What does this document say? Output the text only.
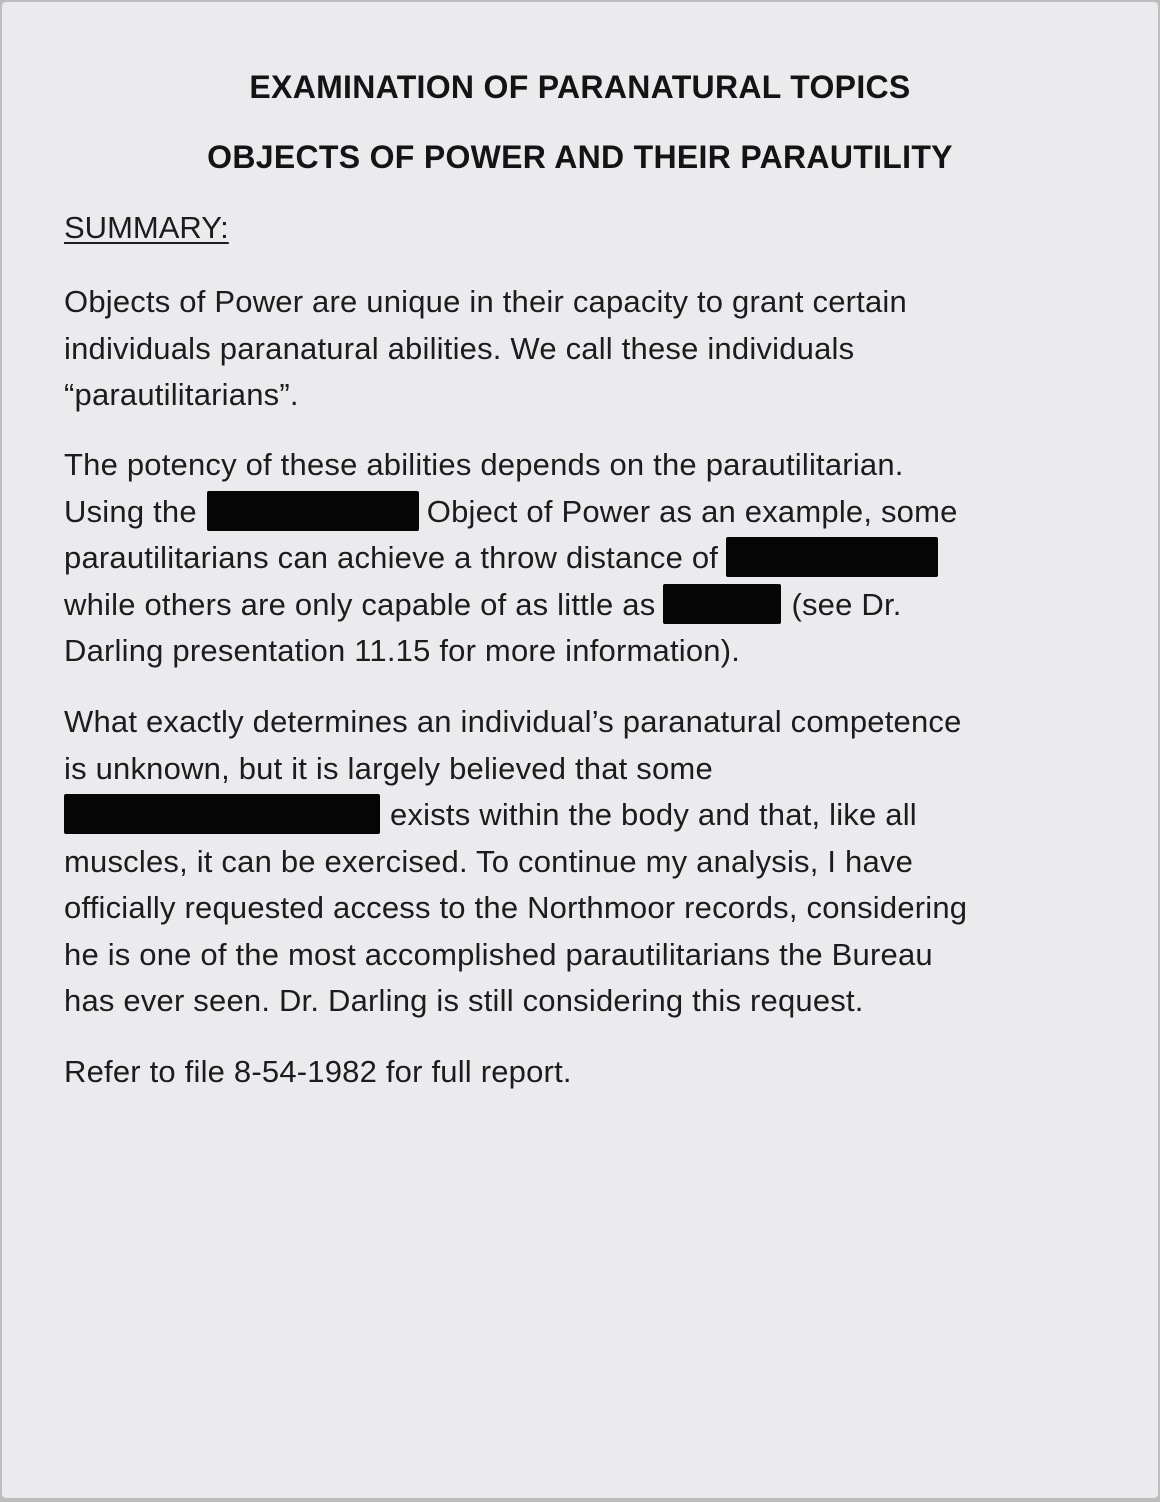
EXAMINATION OF PARANATURAL TOPICS
OBJECTS OF POWER AND THEIR PARAUTILITY

SUMMARY:

Objects of Power are unique in their capacity to grant certain
individuals paranatural abilities. We call these individuals
“parautilitarians”.

The potency of these abilities depends on the parautilitarian.
Using the	Object of Power as an example, some
parautilitarians can achieve a throw distance of
while others are only capable of as little as	(see Dr.
Darling presentation 11.15 for more information).

What exactly determines an individual’s paranatural competence
is unknown, but it is largely believed that some
exists within the body and that, like all
muscles, it can be exercised. To continue my analysis, I have
officially requested access to the Northmoor records, considering
he is one of the most accomplished parautilitarians the Bureau
has ever seen. Dr. Darling is still considering this request.

Refer to file 8-54-1982 for full report.
